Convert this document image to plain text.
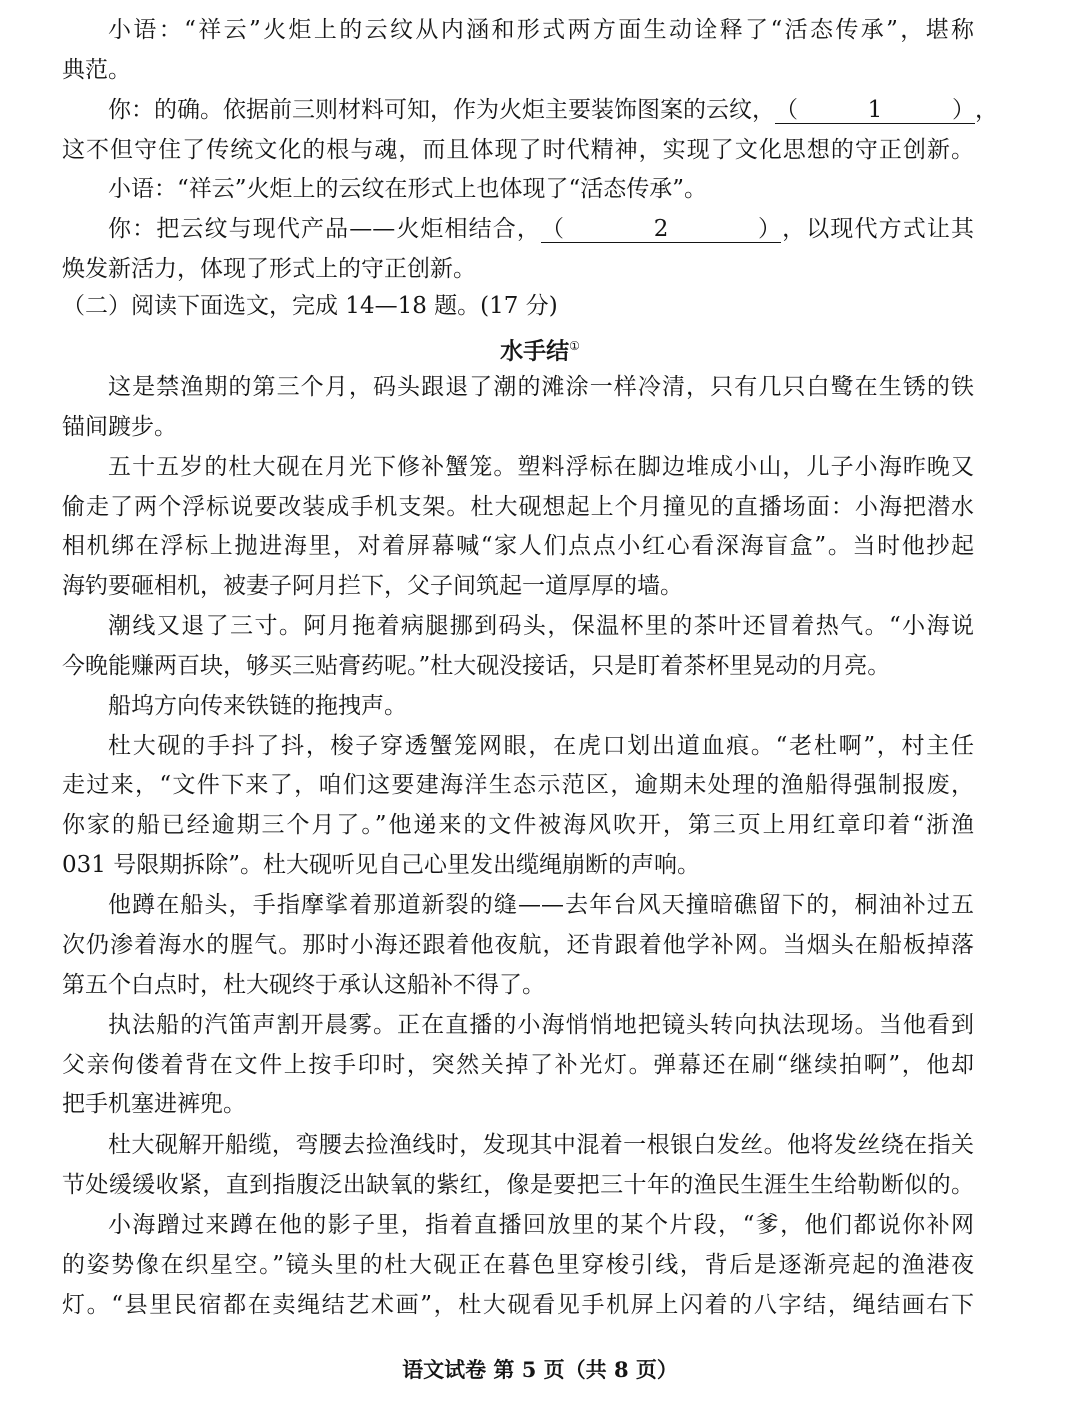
小语：“祥云”火炬上的云纹从内涵和形式两方面生动诠释了“活态传承”，堪称
典范。
你：的确。依据前三则材料可知，作为火炬主要装饰图案的云纹，（1），
这不但守住了传统文化的根与魂，而且体现了时代精神，实现了文化思想的守正创新。
小语：“祥云”火炬上的云纹在形式上也体现了“活态传承”。
你：把云纹与现代产品——火炬相结合，（2），以现代方式让其
焕发新活力，体现了形式上的守正创新。
（二）阅读下面选文，完成 14—18 题。(17 分)
水手结①
这是禁渔期的第三个月，码头跟退了潮的滩涂一样冷清，只有几只白鹭在生锈的铁
锚间踱步。
五十五岁的杜大砚在月光下修补蟹笼。塑料浮标在脚边堆成小山，儿子小海昨晚又
偷走了两个浮标说要改装成手机支架。杜大砚想起上个月撞见的直播场面：小海把潜水
相机绑在浮标上抛进海里，对着屏幕喊“家人们点点小红心看深海盲盒”。当时他抄起
海钓要砸相机，被妻子阿月拦下，父子间筑起一道厚厚的墙。
潮线又退了三寸。阿月拖着病腿挪到码头，保温杯里的茶叶还冒着热气。“小海说
今晚能赚两百块，够买三贴膏药呢。”杜大砚没接话，只是盯着茶杯里晃动的月亮。
船坞方向传来铁链的拖拽声。
杜大砚的手抖了抖，梭子穿透蟹笼网眼，在虎口划出道血痕。“老杜啊”，村主任
走过来，“文件下来了，咱们这要建海洋生态示范区，逾期未处理的渔船得强制报废，
你家的船已经逾期三个月了。”他递来的文件被海风吹开，第三页上用红章印着“浙渔
031 号限期拆除”。杜大砚听见自己心里发出缆绳崩断的声响。
他蹲在船头，手指摩挲着那道新裂的缝——去年台风天撞暗礁留下的，桐油补过五
次仍渗着海水的腥气。那时小海还跟着他夜航，还肯跟着他学补网。当烟头在船板掉落
第五个白点时，杜大砚终于承认这船补不得了。
执法船的汽笛声割开晨雾。正在直播的小海悄悄地把镜头转向执法现场。当他看到
父亲佝偻着背在文件上按手印时，突然关掉了补光灯。弹幕还在刷“继续拍啊”，他却
把手机塞进裤兜。
杜大砚解开船缆，弯腰去捡渔线时，发现其中混着一根银白发丝。他将发丝绕在指关
节处缓缓收紧，直到指腹泛出缺氧的紫红，像是要把三十年的渔民生涯生生给勒断似的。
小海蹭过来蹲在他的影子里，指着直播回放里的某个片段，“爹，他们都说你补网
的姿势像在织星空。”镜头里的杜大砚正在暮色里穿梭引线，背后是逐渐亮起的渔港夜
灯。“县里民宿都在卖绳结艺术画”，杜大砚看见手机屏上闪着的八字结，绳结画右下
语文试卷 第 5 页（共 8 页）
